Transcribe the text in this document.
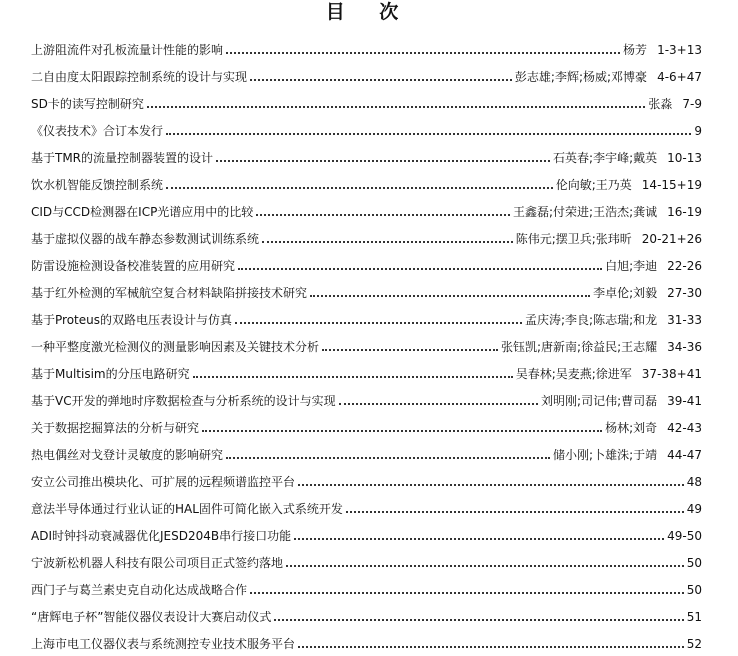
目 次
上游阻流件对孔板流量计性能的影响	杨芳 1-3+13
二自由度太阳跟踪控制系统的设计与实现	彭志雄;李辉;杨威;邓博豪 4-6+47
SD卡的读写控制研究	张淼 7-9
《仪表技术》合订本发行	9
基于TMR的流量控制器装置的设计	石英春;李宇峰;戴英 10-13
饮水机智能反馈控制系统	伦向敏;王乃英 14-15+19
CID与CCD检测器在ICP光谱应用中的比较	王鑫磊;付荣进;王浩杰;龚诚 16-19
基于虚拟仪器的战车静态参数测试训练系统	陈伟元;摆卫兵;张玮昕 20-21+26
防雷设施检测设备校准装置的应用研究	白旭;李迪 22-26
基于红外检测的军械航空复合材料缺陷拼接技术研究	李卓伦;刘毅 27-30
基于Proteus的双路电压表设计与仿真	孟庆涛;李良;陈志瑞;和龙 31-33
一种平整度激光检测仪的测量影响因素及关键技术分析	张钰凯;唐新南;徐益民;王志耀 34-36
基于Multisim的分压电路研究	吴春林;吴麦燕;徐进军 37-38+41
基于VC开发的弹地时序数据检查与分析系统的设计与实现	刘明刚;司记伟;曹司磊 39-41
关于数据挖掘算法的分析与研究	杨林;刘奇 42-43
热电偶丝对戈登计灵敏度的影响研究	储小刚;卜雄洙;于靖 44-47
安立公司推出模块化、可扩展的远程频谱监控平台	48
意法半导体通过行业认证的HAL固件可简化嵌入式系统开发	49
ADI时钟抖动衰减器优化JESD204B串行接口功能	49-50
宁波新松机器人科技有限公司项目正式签约落地	50
西门子与葛兰素史克自动化达成战略合作	50
“唐辉电子杯”智能仪器仪表设计大赛启动仪式	51
上海市电工仪器仪表与系统测控专业技术服务平台	52
